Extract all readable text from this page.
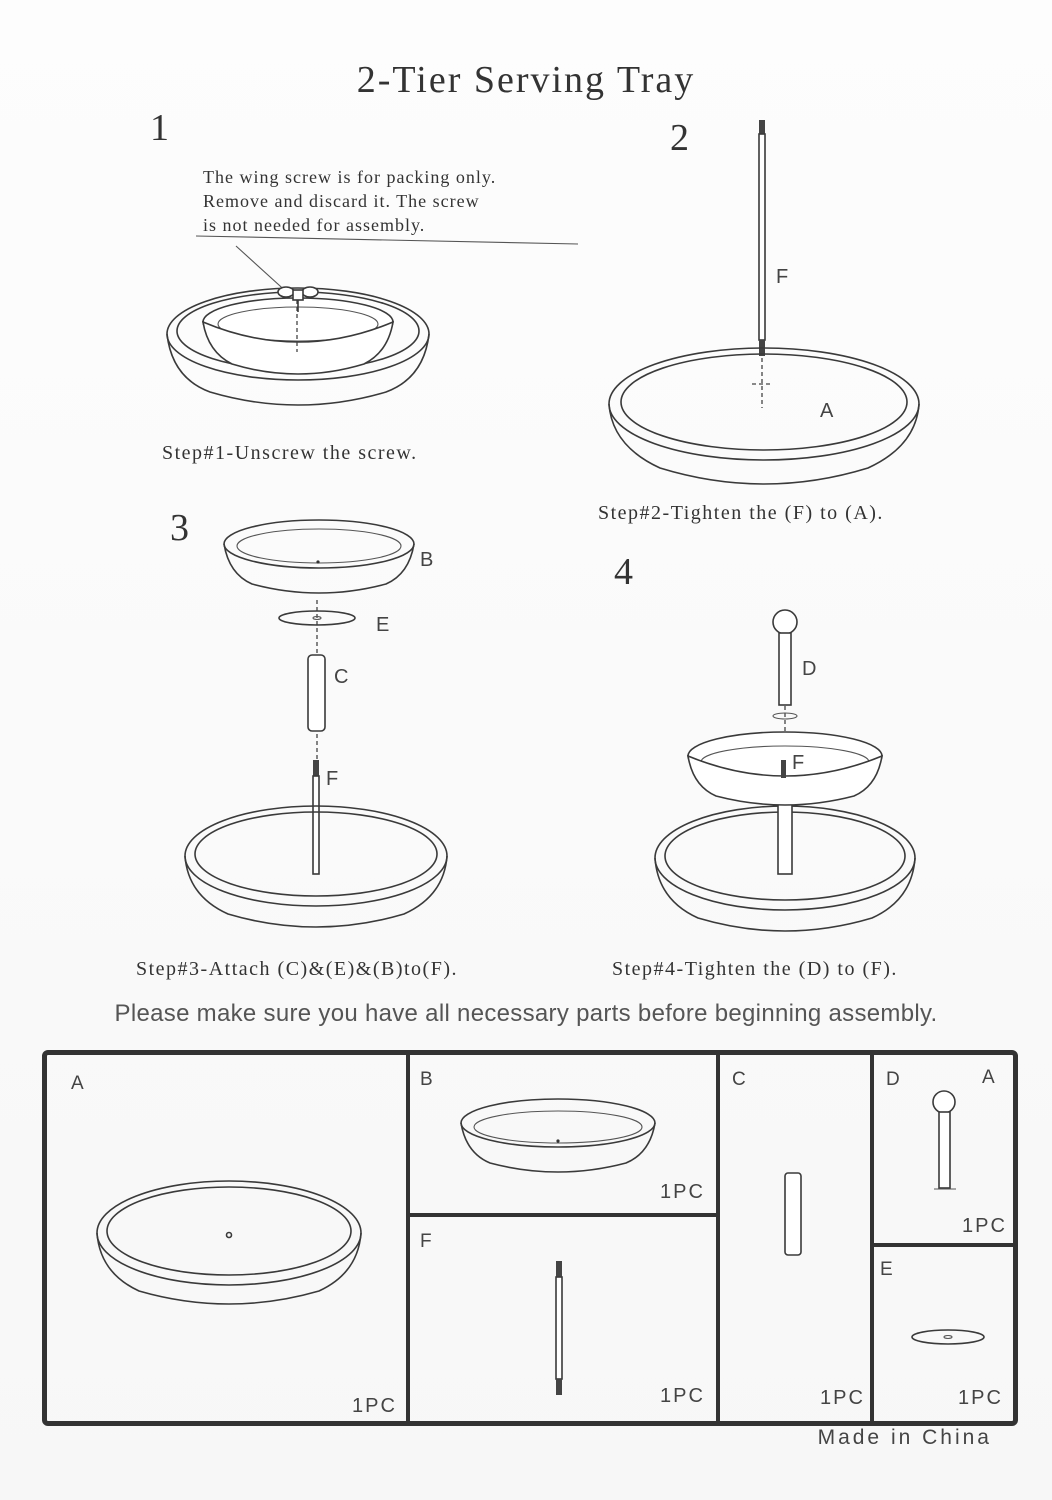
2-Tier Serving Tray
1	2
3
4
The wing screw is for packing only.
Remove and discard it. The screw
is not needed for assembly.
Step#1-Unscrew the screw.
F
A
Step#2-Tighten the (F) to (A).
B
E
C
F
Step#3-Attach (C)&(E)&(B)to(F).
D
F
Step#4-Tighten the (D) to (F).
Please make sure you have all necessary parts before beginning assembly.
A
1PC
B
1PC
F
1PC
C
1PC
D	A
1PC
E
1PC
Made in China
